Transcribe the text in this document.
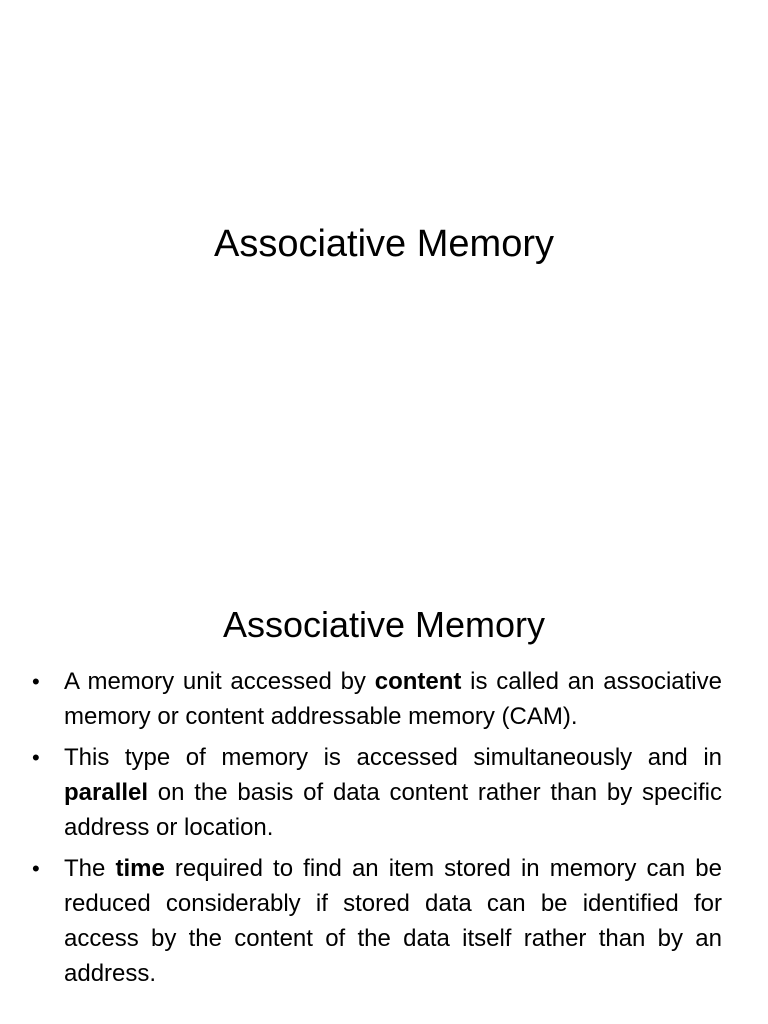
Associative Memory
Associative Memory
• A memory unit accessed by content is called an associative memory or content addressable memory (CAM).
• This type of memory is accessed simultaneously and in parallel on the basis of data content rather than by specific address or location.
• The time required to find an item stored in memory can be reduced considerably if stored data can be identified for access by the content of the data itself rather than by an address.
